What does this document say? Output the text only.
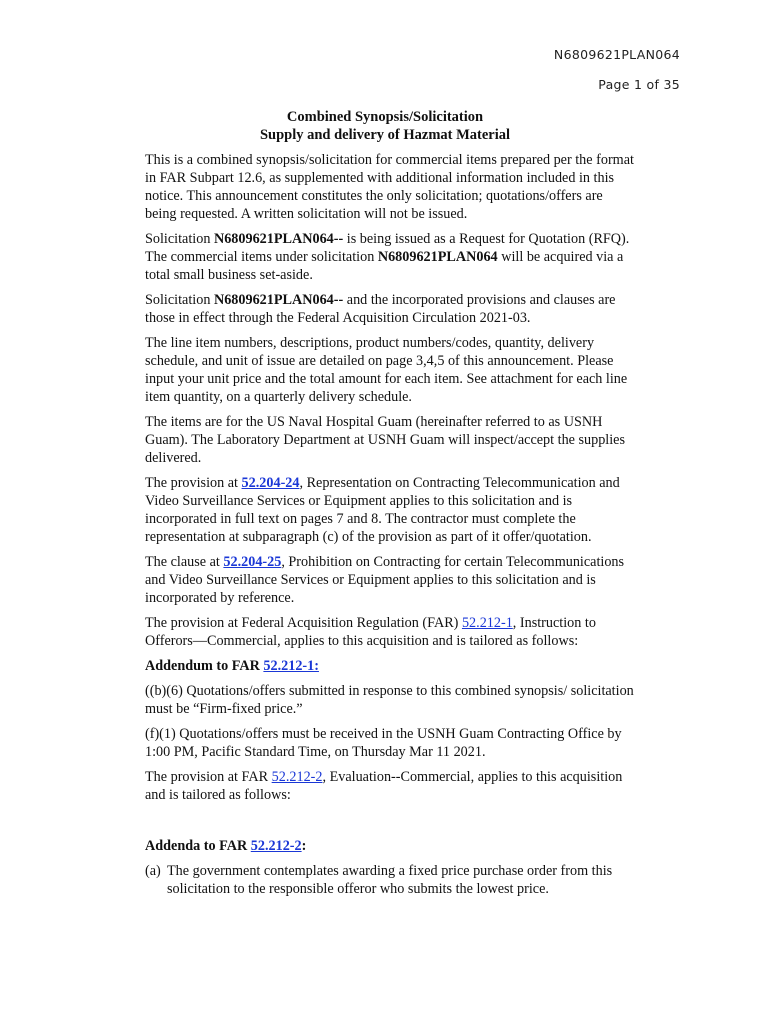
N6809621PLAN064
Page 1 of 35
Combined Synopsis/Solicitation
Supply and delivery of Hazmat Material

This is a combined synopsis/solicitation for commercial items prepared per the format in FAR Subpart 12.6, as supplemented with additional information included in this notice. This announcement constitutes the only solicitation; quotations/offers are being requested. A written solicitation will not be issued.

Solicitation N6809621PLAN064-- is being issued as a Request for Quotation (RFQ). The commercial items under solicitation N6809621PLAN064 will be acquired via a total small business set-aside.

Solicitation N6809621PLAN064-- and the incorporated provisions and clauses are those in effect through the Federal Acquisition Circulation 2021-03.

The line item numbers, descriptions, product numbers/codes, quantity, delivery schedule, and unit of issue are detailed on page 3,4,5 of this announcement. Please input your unit price and the total amount for each item. See attachment for each line item quantity, on a quarterly delivery schedule.

The items are for the US Naval Hospital Guam (hereinafter referred to as USNH Guam). The Laboratory Department at USNH Guam will inspect/accept the supplies delivered.

The provision at 52.204-24, Representation on Contracting Telecommunication and Video Surveillance Services or Equipment applies to this solicitation and is incorporated in full text on pages 7 and 8. The contractor must complete the representation at subparagraph (c) of the provision as part of it offer/quotation.

The clause at 52.204-25, Prohibition on Contracting for certain Telecommunications and Video Surveillance Services or Equipment applies to this solicitation and is incorporated by reference.

The provision at Federal Acquisition Regulation (FAR) 52.212-1, Instruction to Offerors—Commercial, applies to this acquisition and is tailored as follows:

Addendum to FAR 52.212-1:

((b)(6) Quotations/offers submitted in response to this combined synopsis/ solicitation must be “Firm-fixed price.”

(f)(1) Quotations/offers must be received in the USNH Guam Contracting Office by 1:00 PM, Pacific Standard Time, on Thursday Mar 11 2021.

The provision at FAR 52.212-2, Evaluation--Commercial, applies to this acquisition and is tailored as follows:

Addenda to FAR 52.212-2:

(a) The government contemplates awarding a fixed price purchase order from this solicitation to the responsible offeror who submits the lowest price.
